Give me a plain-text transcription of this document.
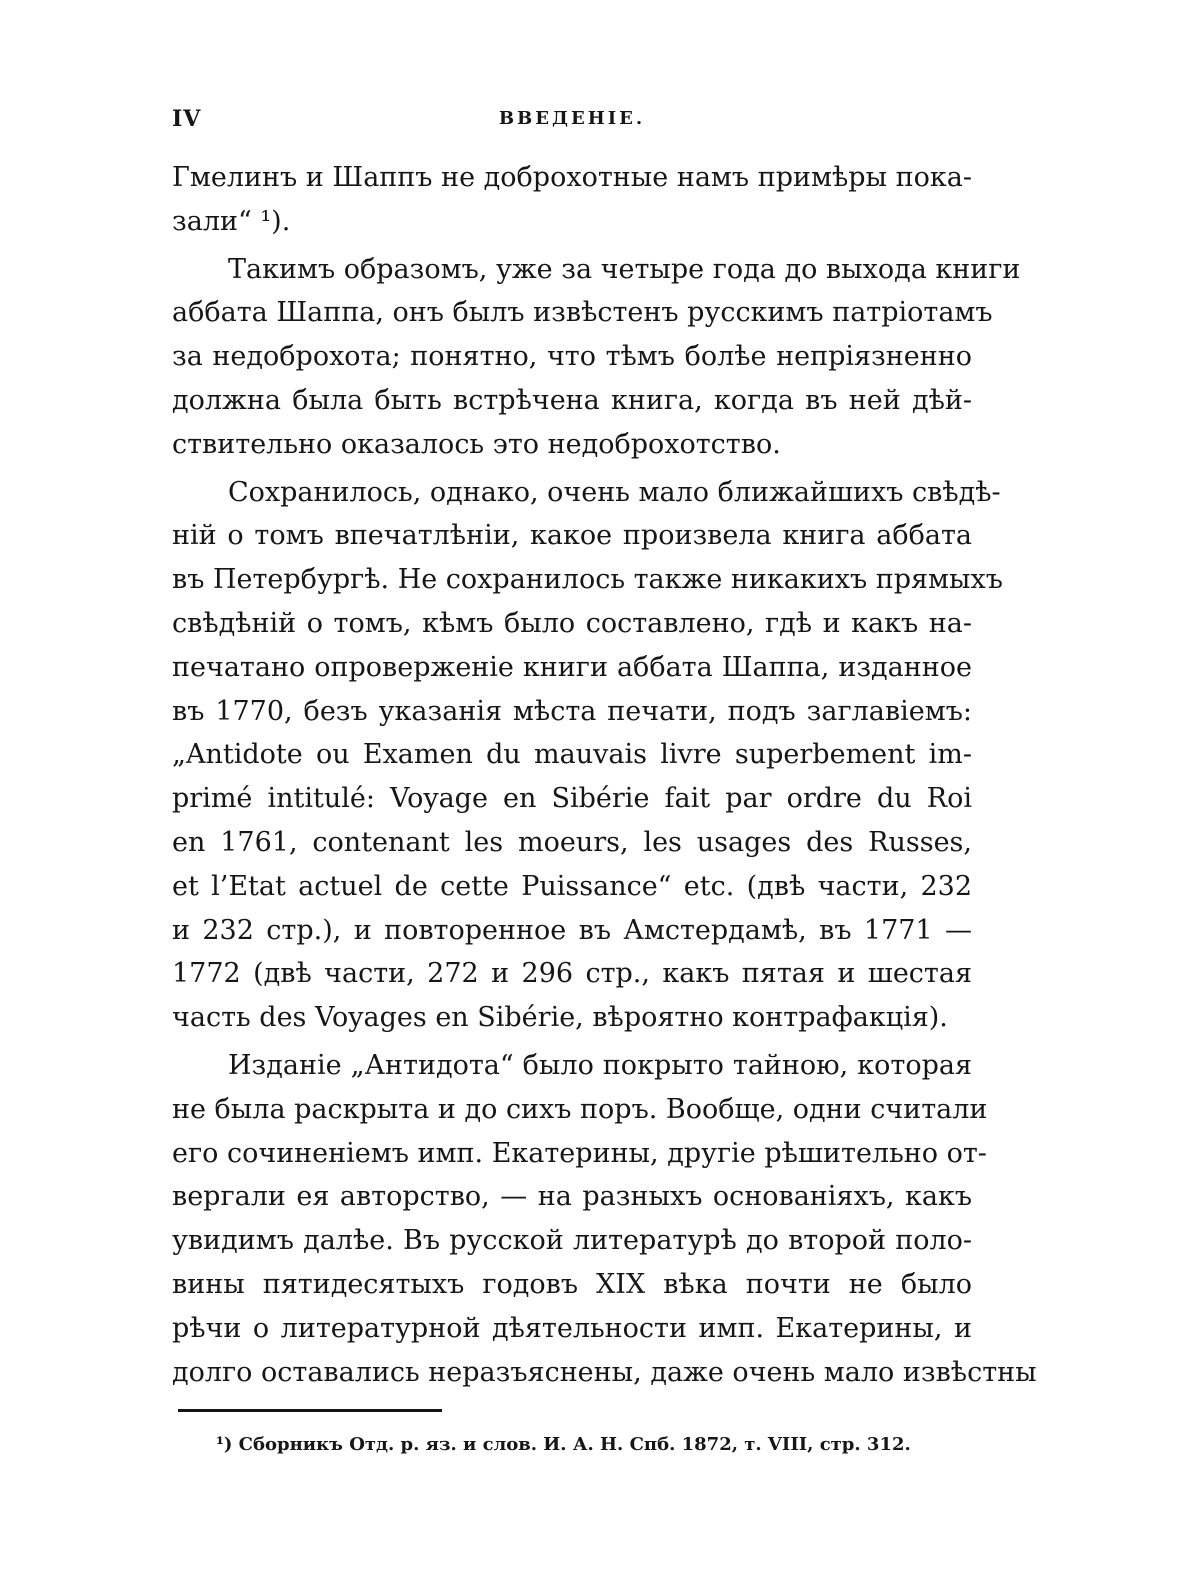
IV	ВВЕДЕНІЕ.
Гмелинъ и Шаппъ не доброхотные намъ примѣры пока-
зали“ ¹).
Такимъ образомъ, уже за четыре года до выхода книги
аббата Шаппа, онъ былъ извѣстенъ русскимъ патріотамъ
за недоброхота; понятно, что тѣмъ болѣе непріязненно
должна была быть встрѣчена книга, когда въ ней дѣй-
ствительно оказалось это недоброхотство.
Сохранилось, однако, очень мало ближайшихъ свѣдѣ-
ній о томъ впечатлѣніи, какое произвела книга аббата
въ Петербургѣ. Не сохранилось также никакихъ прямыхъ
свѣдѣній о томъ, кѣмъ было составлено, гдѣ и какъ на-
печатано опроверженіе книги аббата Шаппа, изданное
въ 1770, безъ указанія мѣста печати, подъ заглавіемъ:
„Antidote ou Examen du mauvais livre superbement im-
primé intitulé: Voyage en Sibérie fait par ordre du Roi
en 1761, contenant les moeurs, les usages des Russes,
et l’Etat actuel de cette Puissance“ etc. (двѣ части, 232
и 232 стр.), и повторенное въ Амстердамѣ, въ 1771 —
1772 (двѣ части, 272 и 296 стр., какъ пятая и шестая
часть des Voyages en Sibérie, вѣроятно контрафакція).
Изданіе „Антидота“ было покрыто тайною, которая
не была раскрыта и до сихъ поръ. Вообще, одни считали
его сочиненіемъ имп. Екатерины, другіе рѣшительно от-
вергали ея авторство, — на разныхъ основаніяхъ, какъ
увидимъ далѣе. Въ русской литературѣ до второй поло-
вины пятидесятыхъ годовъ XIX вѣка почти не было
рѣчи о литературной дѣятельности имп. Екатерины, и
долго оставались неразъяснены, даже очень мало извѣстны
¹) Сборникъ Отд. р. яз. и слов. И. А. Н. Спб. 1872, т. VIII, стр. 312.
